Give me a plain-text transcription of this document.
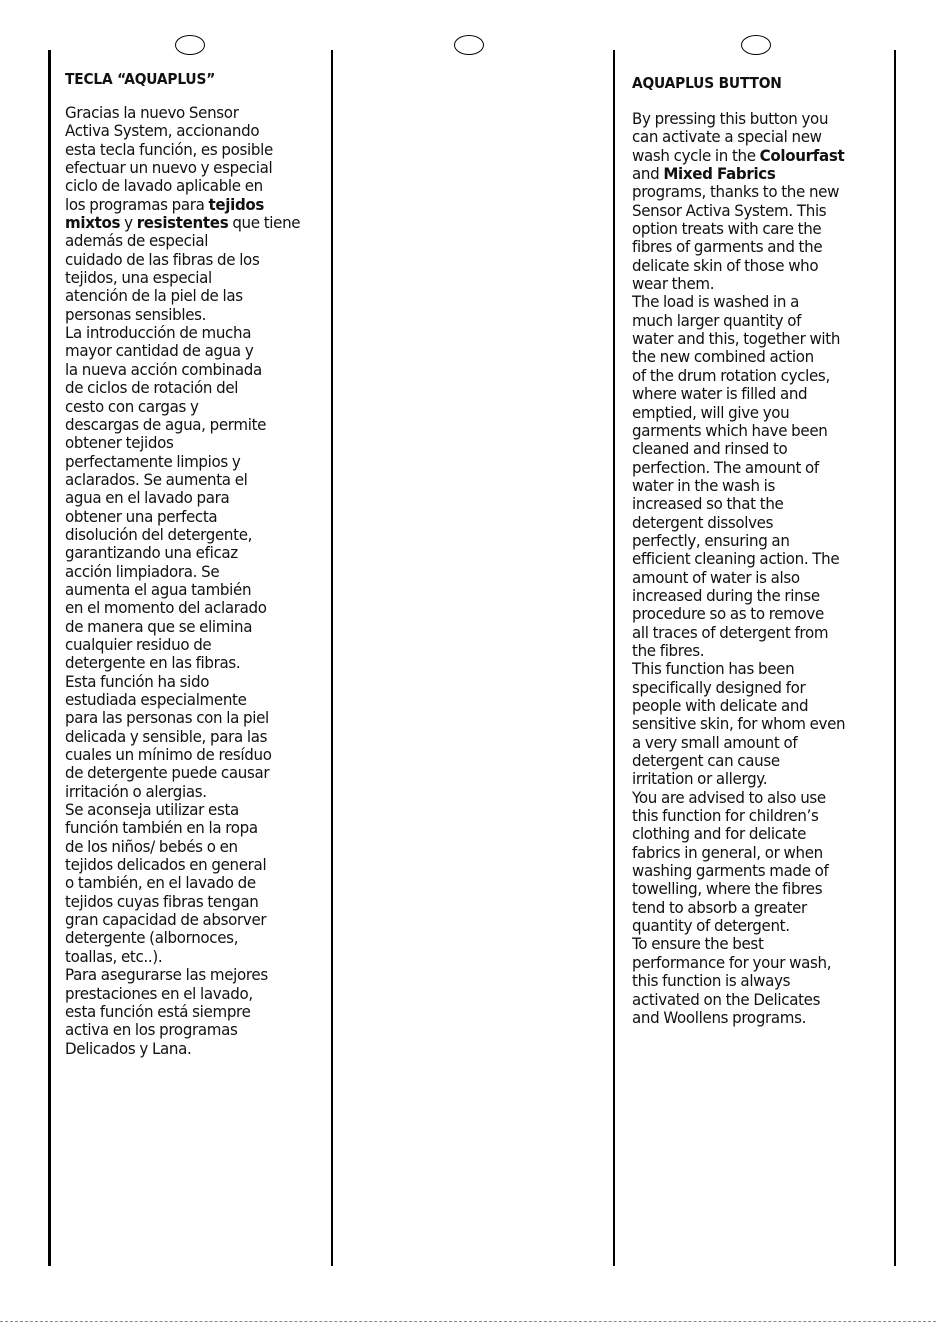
TECLA “AQUAPLUS”
Gracias la nuevo Sensor
Activa System, accionando
esta tecla función, es posible
efectuar un nuevo y especial
ciclo de lavado aplicable en
los programas para tejidos
mixtos y resistentes que tiene
además de especial
cuidado de las fibras de los
tejidos, una especial
atención de la piel de las
personas sensibles.
La introducción de mucha
mayor cantidad de agua y
la nueva acción combinada
de ciclos de rotación del
cesto con cargas y
descargas de agua, permite
obtener tejidos
perfectamente limpios y
aclarados. Se aumenta el
agua en el lavado para
obtener una perfecta
disolución del detergente,
garantizando una eficaz
acción limpiadora. Se
aumenta el agua también
en el momento del aclarado
de manera que se elimina
cualquier residuo de
detergente en las fibras.
Esta función ha sido
estudiada especialmente
para las personas con la piel
delicada y sensible, para las
cuales un mínimo de resíduo
de detergente puede causar
irritación o alergias.
Se aconseja utilizar esta
función también en la ropa
de los niños/ bebés o en
tejidos delicados en general
o también, en el lavado de
tejidos cuyas fibras tengan
gran capacidad de absorver
detergente (albornoces,
toallas, etc..).
Para asegurarse las mejores
prestaciones en el lavado,
esta función está siempre
activa en los programas
Delicados y Lana.
AQUAPLUS BUTTON
By pressing this button you
can activate a special new
wash cycle in the Colourfast
and Mixed Fabrics
programs, thanks to the new
Sensor Activa System. This
option treats with care the
fibres of garments and the
delicate skin of those who
wear them.
The load is washed in a
much larger quantity of
water and this, together with
the new combined action
of the drum rotation cycles,
where water is filled and
emptied, will give you
garments which have been
cleaned and rinsed to
perfection. The amount of
water in the wash is
increased so that the
detergent dissolves
perfectly, ensuring an
efficient cleaning action. The
amount of water is also
increased during the rinse
procedure so as to remove
all traces of detergent from
the fibres.
This function has been
specifically designed for
people with delicate and
sensitive skin, for whom even
a very small amount of
detergent can cause
irritation or allergy.
You are advised to also use
this function for children’s
clothing and for delicate
fabrics in general, or when
washing garments made of
towelling, where the fibres
tend to absorb a greater
quantity of detergent.
To ensure the best
performance for your wash,
this function is always
activated on the Delicates
and Woollens programs.
